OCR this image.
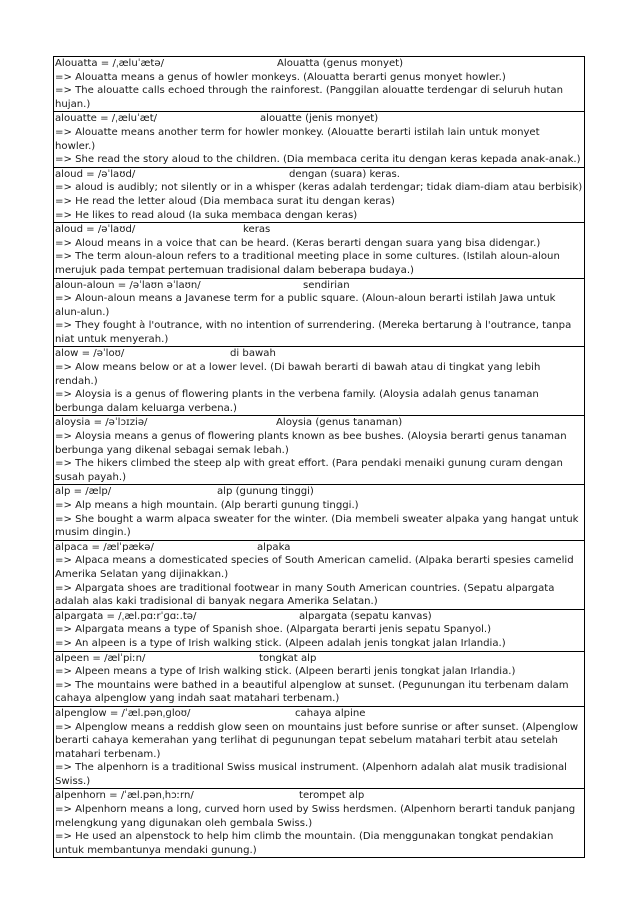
Alouatta = /ˌæluˈætə/	Alouatta (genus monyet)
=> Alouatta means a genus of howler monkeys. (Alouatta berarti genus monyet howler.)
=> The alouatte calls echoed through the rainforest. (Panggilan alouatte terdengar di seluruh hutan hujan.)
alouatte = /ˌæluˈæt/	alouatte (jenis monyet)
=> Alouatte means another term for howler monkey. (Alouatte berarti istilah lain untuk monyet howler.)
=> She read the story aloud to the children. (Dia membaca cerita itu dengan keras kepada anak-anak.)
aloud = /əˈlaʊd/	dengan (suara) keras.
=> aloud is audibly; not silently or in a whisper (keras adalah terdengar; tidak diam-diam atau berbisik)
=> He read the letter aloud (Dia membaca surat itu dengan keras)
=> He likes to read aloud (Ia suka membaca dengan keras)
aloud = /əˈlaʊd/	keras
=> Aloud means in a voice that can be heard. (Keras berarti dengan suara yang bisa didengar.)
=> The term aloun-aloun refers to a traditional meeting place in some cultures. (Istilah aloun-aloun merujuk pada tempat pertemuan tradisional dalam beberapa budaya.)
aloun-aloun = /əˈlaʊn əˈlaʊn/	sendirian
=> Aloun-aloun means a Javanese term for a public square. (Aloun-aloun berarti istilah Jawa untuk alun-alun.)
=> They fought à l'outrance, with no intention of surrendering. (Mereka bertarung à l'outrance, tanpa niat untuk menyerah.)
alow = /əˈloʊ/	di bawah
=> Alow means below or at a lower level. (Di bawah berarti di bawah atau di tingkat yang lebih rendah.)
=> Aloysia is a genus of flowering plants in the verbena family. (Aloysia adalah genus tanaman berbunga dalam keluarga verbena.)
aloysia = /əˈlɔɪziə/	Aloysia (genus tanaman)
=> Aloysia means a genus of flowering plants known as bee bushes. (Aloysia berarti genus tanaman berbunga yang dikenal sebagai semak lebah.)
=> The hikers climbed the steep alp with great effort. (Para pendaki menaiki gunung curam dengan susah payah.)
alp = /ælp/	alp (gunung tinggi)
=> Alp means a high mountain. (Alp berarti gunung tinggi.)
=> She bought a warm alpaca sweater for the winter. (Dia membeli sweater alpaka yang hangat untuk musim dingin.)
alpaca = /ælˈpækə/	alpaka
=> Alpaca means a domesticated species of South American camelid. (Alpaka berarti spesies camelid Amerika Selatan yang dijinakkan.)
=> Alpargata shoes are traditional footwear in many South American countries. (Sepatu alpargata adalah alas kaki tradisional di banyak negara Amerika Selatan.)
alpargata = /ˌæl.pɑːrˈɡɑː.tə/	alpargata (sepatu kanvas)
=> Alpargata means a type of Spanish shoe. (Alpargata berarti jenis sepatu Spanyol.)
=> An alpeen is a type of Irish walking stick. (Alpeen adalah jenis tongkat jalan Irlandia.)
alpeen = /ælˈpiːn/	tongkat alp
=> Alpeen means a type of Irish walking stick. (Alpeen berarti jenis tongkat jalan Irlandia.)
=> The mountains were bathed in a beautiful alpenglow at sunset. (Pegunungan itu terbenam dalam cahaya alpenglow yang indah saat matahari terbenam.)
alpenglow = /ˈæl.pənˌɡloʊ/	cahaya alpine
=> Alpenglow means a reddish glow seen on mountains just before sunrise or after sunset. (Alpenglow berarti cahaya kemerahan yang terlihat di pegunungan tepat sebelum matahari terbit atau setelah matahari terbenam.)
=> The alpenhorn is a traditional Swiss musical instrument. (Alpenhorn adalah alat musik tradisional Swiss.)
alpenhorn = /ˈæl.pənˌhɔːrn/	terompet alp
=> Alpenhorn means a long, curved horn used by Swiss herdsmen. (Alpenhorn berarti tanduk panjang melengkung yang digunakan oleh gembala Swiss.)
=> He used an alpenstock to help him climb the mountain. (Dia menggunakan tongkat pendakian untuk membantunya mendaki gunung.)
